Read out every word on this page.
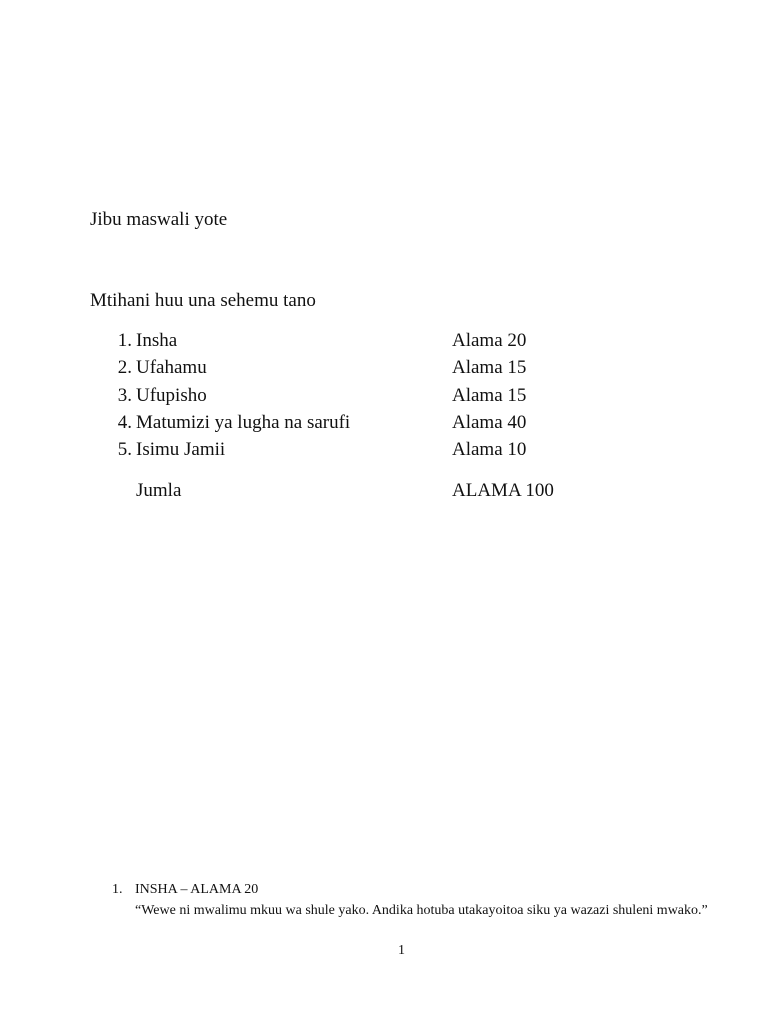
Jibu maswali yote
Mtihani huu una sehemu tano
1. Insha	Alama 20
2. Ufahamu	Alama 15
3. Ufupisho	Alama 15
4. Matumizi ya lugha na sarufi	Alama 40
5. Isimu Jamii	Alama 10
Jumla	ALAMA 100
1. INSHA – ALAMA 20

“Wewe ni mwalimu mkuu wa shule yako. Andika hotuba utakayoitoa siku ya wazazi shuleni mwako.”

1
